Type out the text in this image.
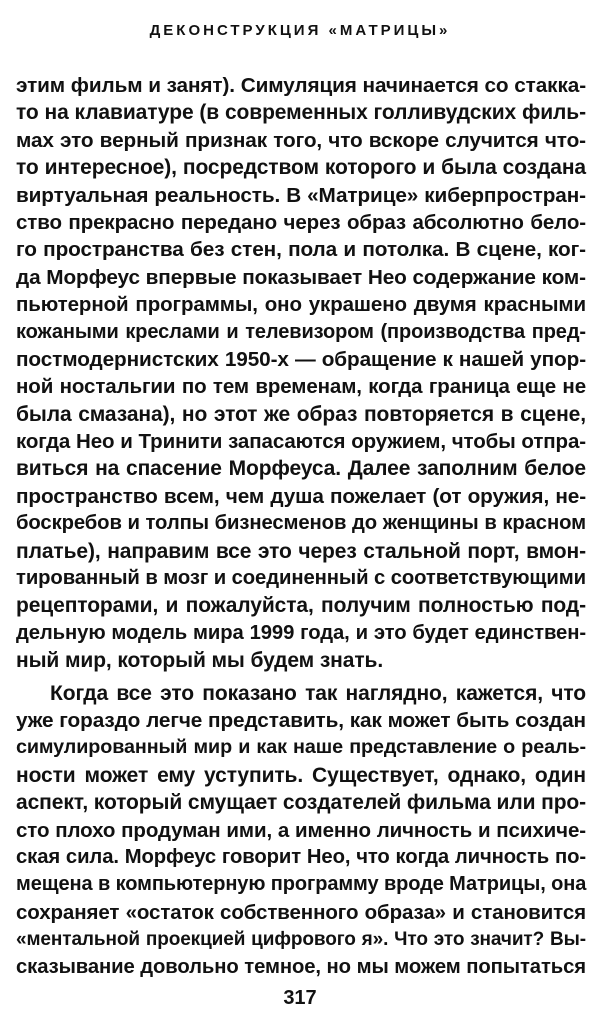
ДЕКОНСТРУКЦИЯ «МАТРИЦЫ»

этим фильм и занят). Симуляция начинается со стакка-
то на клавиатуре (в современных голливудских филь-
мах это верный признак того, что вскоре случится что-
то интересное), посредством которого и была создана
виртуальная реальность. В «Матрице» киберпростран-
ство прекрасно передано через образ абсолютно бело-
го пространства без стен, пола и потолка. В сцене, ког-
да Морфеус впервые показывает Нео содержание ком-
пьютерной программы, оно украшено двумя красными
кожаными креслами и телевизором (производства пред-
постмодернистских 1950-х — обращение к нашей упор-
ной ностальгии по тем временам, когда граница еще не
была смазана), но этот же образ повторяется в сцене,
когда Нео и Тринити запасаются оружием, чтобы отпра-
виться на спасение Морфеуса. Далее заполним белое
пространство всем, чем душа пожелает (от оружия, не-
боскребов и толпы бизнесменов до женщины в красном
платье), направим все это через стальной порт, вмон-
тированный в мозг и соединенный с соответствующими
рецепторами, и пожалуйста, получим полностью под-
дельную модель мира 1999 года, и это будет единствен-
ный мир, который мы будем знать.

Когда все это показано так наглядно, кажется, что
уже гораздо легче представить, как может быть создан
симулированный мир и как наше представление о реаль-
ности может ему уступить. Существует, однако, один
аспект, который смущает создателей фильма или про-
сто плохо продуман ими, а именно личность и психиче-
ская сила. Морфеус говорит Нео, что когда личность по-
мещена в компьютерную программу вроде Матрицы, она
сохраняет «остаток собственного образа» и становится
«ментальной проекцией цифрового я». Что это значит? Вы-
сказывание довольно темное, но мы можем попытаться

317
